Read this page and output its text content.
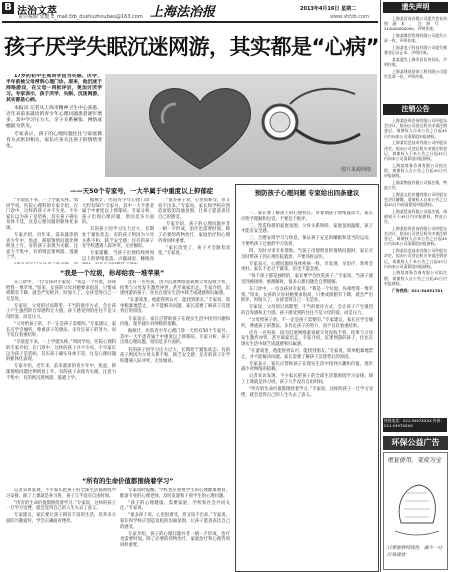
B 法治文萃
责任编辑 张健 E_mail:fzb_dushuzhoubao@163.com 上海法治报	2013年4月16日 星期二
www.shfzb.com
孩子厌学失眠沉迷网游，其实都是“心病”

17岁的初中生周同学因为失眠、厌学，半年前被父母带到心理门诊。原来，他沉迷于网络游戏，在父母一再批评后，更加讨厌学习。专家表示，孩子厌学、失眠、沉迷网游，其实都是心病。

本报讯 记者从上海市精神卫生中心获悉，近年来前来就诊的青少年心理问题患者逐年增多，其中学习压力大、亲子关系紧张、网络成瘾最为常见。

专家表示，孩子的心理问题往往与家庭教育方式密切相关，家长应多关注孩子的情绪变化。

图片来源网络
——天50个专家号，一大半属于中重度以上抑郁症

“早晨起不来，一上学就头疼。”周同学说。医院心理科的专家介绍，在门诊中，这样的孩子并不少见。不少家长以为孩子是装病，其实孩子确实身体不适，这是心理问题的躯体化表现。

专家介绍，近年来，前来就诊的青少年中，焦虑、抑郁情绪问题比例明显上升。有的孩子表现为失眠、注意力不集中，有的则沉迷网游、逃避上学。

据统计，医院青少年心理门诊一天约有50个专家号，其中一大半患者属于中重度以上抑郁症。专家分析，孩子出现心理问题，原因是多方面的。

有的孩子因学习压力过大，长期处于紧张状态；有的孩子则因为父母关系不和，缺乏安全感；还有的孩子在学校遭遇人际冲突，无处倾诉。

专家提醒，当孩子出现持续两周以上的情绪低落、兴趣减退、睡眠改

“很多孩子说，心里很难受，但又说不出来。”专家说，家长和学校应创造宽松的沟通氛围，让孩子愿意表达自己的感受。

专家介绍，孩子的心理问题并非一朝一夕形成，治疗也需要时间。除了必要的药物治疗，家庭治疗和心理咨询同样重要。

“家长改变了，孩子才会跟着改变。”专家说。

“我是一个垃圾，你却给我一堆苹果”

在门诊中，一位女孩对专家说：“我是一个垃圾，你却给我一堆苹果。”原来，女孩的父母对她要求很高，只要成绩稍有下降，就会严厉批评。时间久了，女孩觉得自己一无是处。

专家说，父母的过高期望、不当的批评方式，会让孩子产生强烈的自卑感和无力感。孩子感受到的往往不是父母的爱，而是压力。

“父母给孩子的，不一定是孩子需要的。”专家建议，家长应学会倾听，尊重孩子的想法，多肯定孩子的努力，而不仅仅看重结果。

“早晨起不来，一上学就头疼。”周同学说。医院心理科的专家介绍，在门诊中，这样的孩子并不少见。不少家长以为孩子是装病，其实孩子确实身体不适，这是心理问题的躯体化表现。

专家介绍，近年来，前来就诊的青少年中，焦虑、抑郁情绪问题比例明显上升。有的孩子表现为失眠、注意力不集中，有的则沉迷网游、逃避上学。

还有一名男孩，因为沉迷网络游戏被父母没收手机，结果与父母发生激烈冲突，甚至离家出走。专家介绍，沉迷网游的孩子，往往在现实生活中缺乏成就感和归属感。

“在游戏里，他能得到认可，能找到朋友。”专家说，简单粗暴地禁止，并不能解决问题，家长需要了解孩子沉迷背后的原因。

专家表示，家长应帮助孩子在现实生活中找到兴趣和价值，逐步减少对网络的依赖。

据统计，医院青少年心理门诊一天约有50个专家号，其中一大半患者属于中重度以上抑郁症。专家分析，孩子出现心理问题，原因是多方面的。

有的孩子因学习压力过大，长期处于紧张状态；有的孩子则因为父母关系不和，缺乏安全感；还有的孩子在学校遭遇人际冲突，无处倾诉。

“所有的生命价值都围绕着学习”

记者采访发现，不少家长把孩子的全部生活都围绕学习安排，除了上课就是补习班，孩子几乎没有自由时间。

“所有的生命价值都围绕着学习。”专家说，这样的孩子一旦学习受挫，就会觉得自己的人生失去了意义。

专家建议，家长要让孩子拥有丰富的生活，培养多方面的兴趣爱好，学会正确面对挫折。

专家同时提醒，学校也应重视学生的心理健康教育，配备专业的心理老师，及时发现和干预学生的心理问题。

“孩子的心理健康，需要家庭、学校和社会共同关注。”专家说。

“很多孩子说，心里很难受，但又说不出来。”专家说，家长和学校应创造宽松的沟通氛围，让孩子愿意表达自己的感受。

专家介绍，孩子的心理问题并非一朝一夕形成，治疗也需要时间。除了必要的药物治疗，家庭治疗和心理咨询同样重要。

预防孩子心理问题 专家给出四条建议

一、家长要了解孩子的心理特点。青春期孩子情绪波动大，家长应给予理解和包容，不要急于批评。

二、营造和谐的家庭氛围。父母关系和睦，家庭氛围温暖，孩子才能有安全感。

三、合理安排学习与休息。保证孩子充足的睡眠和适当的运动，不要给孩子过重的学习负担。

四、及时寻求专业帮助。当孩子出现明显的情绪问题时，家长应及时带孩子到正规医院就诊，不要讳疾忌医。

专家表示，心理问题同身体疾病一样，早发现、早治疗，效果会更好。家长不必过于紧张，但也不能忽视。

“每个孩子都是独特的，家长要学会欣赏孩子。”专家说，当孩子感受到被接纳、被理解时，很多心理问题会自然缓解。

在门诊中，一位女孩对专家说：“我是一个垃圾，你却给我一堆苹果。”原来，女孩的父母对她要求很高，只要成绩稍有下降，就会严厉批评。时间久了，女孩觉得自己一无是处。

专家说，父母的过高期望、不当的批评方式，会让孩子产生强烈的自卑感和无力感。孩子感受到的往往不是父母的爱，而是压力。

“父母给孩子的，不一定是孩子需要的。”专家建议，家长应学会倾听，尊重孩子的想法，多肯定孩子的努力，而不仅仅看重结果。

还有一名男孩，因为沉迷网络游戏被父母没收手机，结果与父母发生激烈冲突，甚至离家出走。专家介绍，沉迷网游的孩子，往往在现实生活中缺乏成就感和归属感。

“在游戏里，他能得到认可，能找到朋友。”专家说，简单粗暴地禁止，并不能解决问题，家长需要了解孩子沉迷背后的原因。

专家表示，家长应帮助孩子在现实生活中找到兴趣和价值，逐步减少对网络的依赖。

记者采访发现，不少家长把孩子的全部生活都围绕学习安排，除了上课就是补习班，孩子几乎没有自由时间。

“所有的生命价值都围绕着学习。”专家说，这样的孩子一旦学习受挫，就会觉得自己的人生失去了意义。

遗失声明

上海某贸易有限公司遗失营业执照副本，注册号：310000000000，声明作废。

上海某餐饮管理有限公司遗失公章一枚，声明作废。

上海某电子科技有限公司遗失税务登记证正本，声明作废。

某某遗失上海市居民身份证，声明作废。

上海某建筑装饰工程有限公司遗失发票一份，声明作废。

注销公告

上海某投资咨询有限公司经股东会决议，拟向公司登记机关申请注销登记，请债权人自本公告之日起45日内向本公司清算组申报债权。

上海某信息技术有限公司经股东决定，拟向公司登记机关申请注销登记，请债权人于本公告之日起45日内向本公司清算组申报债权。

上海某商务咨询有限公司拟注销，请债权人自公告之日起45日内申报债权。

上海某物流有限公司拟注销，特此公告。

上海某文化传播有限公司经股东会决议解散，请债权人自本公告之日起45日内向清算组申报债权。

上海某贸易有限公司拟注销，请债权人于45日内申报债权，特此公告。

上海某投资咨询有限公司经股东会决议，拟向公司登记机关申请注销登记，请债权人自本公告之日起45日内向本公司清算组申报债权。

上海某信息技术有限公司经股东决定，拟向公司登记机关申请注销登记，请债权人于本公告之日起45日内向本公司清算组申报债权。

上海某商务咨询有限公司拟注销，请债权人自公告之日起45日内申报债权。

广告热线：021-54951781

热线电话：021-5497XXXX 传真：021-5497XXXX
环保公益广告
重复使用，变废为宝
只要能够持续性，减少一分污染排放
